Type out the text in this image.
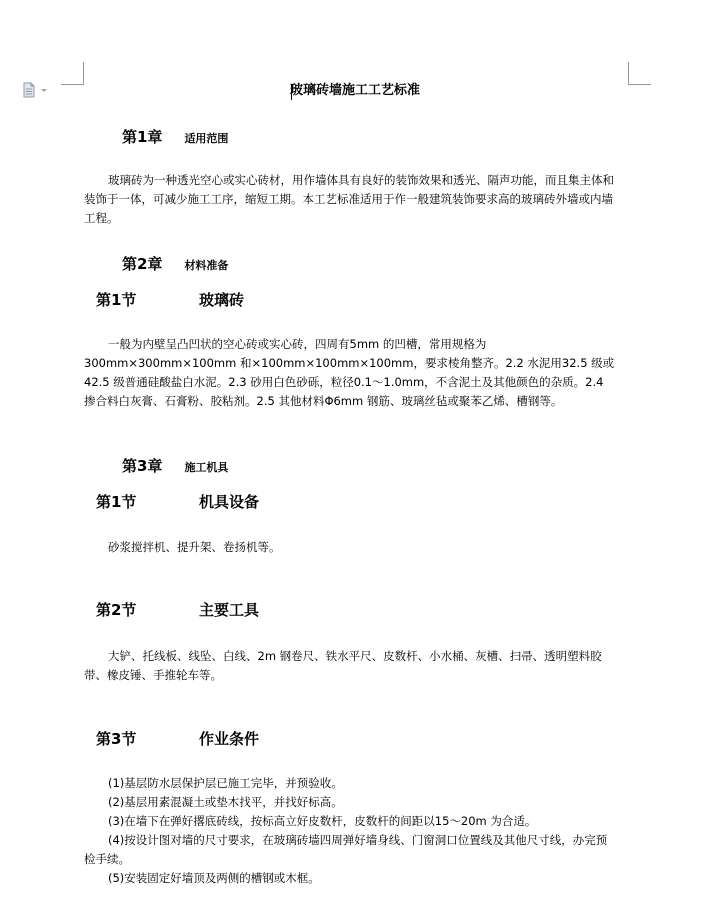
玻璃砖墙施工工艺标准
第1章 适用范围

玻璃砖为一种透光空心或实心砖材，用作墙体具有良好的装饰效果和透光、隔声功能，而且集主体和装饰于一体，可减少施工工序，缩短工期。本工艺标准适用于作一般建筑装饰要求高的玻璃砖外墙或内墙工程。

第2章 材料准备
第1节	玻璃砖

一般为内壁呈凸凹状的空心砖或实心砖，四周有5mm 的凹槽，常用规格为300mm×300mm×100mm 和×100mm×100mm×100mm，要求棱角整齐。2.2 水泥用32.5 级或42.5 级普通硅酸盐白水泥。2.3 砂用白色砂砾，粒径0.1～1.0mm，不含泥土及其他颜色的杂质。2.4 掺合料白灰膏、石膏粉、胶粘剂。2.5 其他材料Φ6mm 钢筋、玻璃丝毡或聚苯乙烯、槽钢等。

第3章 施工机具
第1节	机具设备

砂浆搅拌机、提升架、卷扬机等。

第2节	主要工具

大铲、托线板、线坠、白线、2m 钢卷尺、铁水平尺、皮数杆、小水桶、灰槽、扫帚、透明塑料胶带、橡皮锤、手推轮车等。

第3节	作业条件
(1)基层防水层保护层已施工完毕，并预验收。
(2)基层用素混凝土或垫木找平，并找好标高。
(3)在墙下在弹好撂底砖线，按标高立好皮数杆，皮数杆的间距以15～20m 为合适。
(4)按设计图对墙的尺寸要求，在玻璃砖墙四周弹好墙身线、门窗洞口位置线及其他尺寸线，办完预检手续。
(5)安装固定好墙顶及两侧的槽钢或木框。
